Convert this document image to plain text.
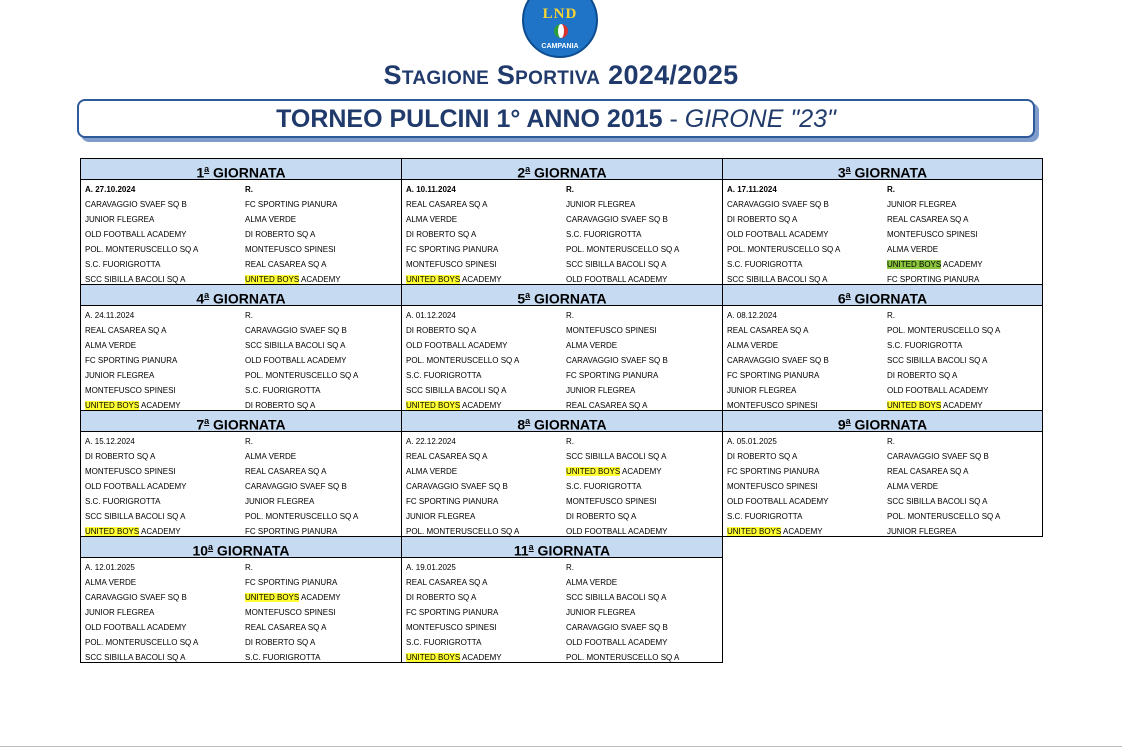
LND
CAMPANIA
Stagione Sportiva 2024/2025
TORNEO PULCINI 1° ANNO 2015 - GIRONE "23"
1$^a$ GIORNATA
A. 27.10.2024	R.
CARAVAGGIO SVAEF SQ B	FC SPORTING PIANURA
JUNIOR FLEGREA	ALMA VERDE
OLD FOOTBALL ACADEMY	DI ROBERTO SQ A
POL. MONTERUSCELLO SQ A	MONTEFUSCO SPINESI
S.C. FUORIGROTTA	REAL CASAREA SQ A
SCC SIBILLA BACOLI SQ A	UNITED BOYS ACADEMY
2$^a$ GIORNATA
A. 10.11.2024	R.
REAL CASAREA SQ A	JUNIOR FLEGREA
ALMA VERDE	CARAVAGGIO SVAEF SQ B
DI ROBERTO SQ A	S.C. FUORIGROTTA
FC SPORTING PIANURA	POL. MONTERUSCELLO SQ A
MONTEFUSCO SPINESI	SCC SIBILLA BACOLI SQ A
UNITED BOYS ACADEMY	OLD FOOTBALL ACADEMY
3$^a$ GIORNATA
A. 17.11.2024	R.
CARAVAGGIO SVAEF SQ B	JUNIOR FLEGREA
DI ROBERTO SQ A	REAL CASAREA SQ A
OLD FOOTBALL ACADEMY	MONTEFUSCO SPINESI
POL. MONTERUSCELLO SQ A	ALMA VERDE
S.C. FUORIGROTTA	UNITED BOYS ACADEMY
SCC SIBILLA BACOLI SQ A	FC SPORTING PIANURA
4$^a$ GIORNATA
A. 24.11.2024	R.
REAL CASAREA SQ A	CARAVAGGIO SVAEF SQ B
ALMA VERDE	SCC SIBILLA BACOLI SQ A
FC SPORTING PIANURA	OLD FOOTBALL ACADEMY
JUNIOR FLEGREA	POL. MONTERUSCELLO SQ A
MONTEFUSCO SPINESI	S.C. FUORIGROTTA
UNITED BOYS ACADEMY	DI ROBERTO SQ A
5$^a$ GIORNATA
A. 01.12.2024	R.
DI ROBERTO SQ A	MONTEFUSCO SPINESI
OLD FOOTBALL ACADEMY	ALMA VERDE
POL. MONTERUSCELLO SQ A	CARAVAGGIO SVAEF SQ B
S.C. FUORIGROTTA	FC SPORTING PIANURA
SCC SIBILLA BACOLI SQ A	JUNIOR FLEGREA
UNITED BOYS ACADEMY	REAL CASAREA SQ A
6$^a$ GIORNATA
A. 08.12.2024	R.
REAL CASAREA SQ A	POL. MONTERUSCELLO SQ A
ALMA VERDE	S.C. FUORIGROTTA
CARAVAGGIO SVAEF SQ B	SCC SIBILLA BACOLI SQ A
FC SPORTING PIANURA	DI ROBERTO SQ A
JUNIOR FLEGREA	OLD FOOTBALL ACADEMY
MONTEFUSCO SPINESI	UNITED BOYS ACADEMY
7$^a$ GIORNATA
A. 15.12.2024	R.
DI ROBERTO SQ A	ALMA VERDE
MONTEFUSCO SPINESI	REAL CASAREA SQ A
OLD FOOTBALL ACADEMY	CARAVAGGIO SVAEF SQ B
S.C. FUORIGROTTA	JUNIOR FLEGREA
SCC SIBILLA BACOLI SQ A	POL. MONTERUSCELLO SQ A
UNITED BOYS ACADEMY	FC SPORTING PIANURA
8$^a$ GIORNATA
A. 22.12.2024	R.
REAL CASAREA SQ A	SCC SIBILLA BACOLI SQ A
ALMA VERDE	UNITED BOYS ACADEMY
CARAVAGGIO SVAEF SQ B	S.C. FUORIGROTTA
FC SPORTING PIANURA	MONTEFUSCO SPINESI
JUNIOR FLEGREA	DI ROBERTO SQ A
POL. MONTERUSCELLO SQ A	OLD FOOTBALL ACADEMY
9$^a$ GIORNATA
A. 05.01.2025	R.
DI ROBERTO SQ A	CARAVAGGIO SVAEF SQ B
FC SPORTING PIANURA	REAL CASAREA SQ A
MONTEFUSCO SPINESI	ALMA VERDE
OLD FOOTBALL ACADEMY	SCC SIBILLA BACOLI SQ A
S.C. FUORIGROTTA	POL. MONTERUSCELLO SQ A
UNITED BOYS ACADEMY	JUNIOR FLEGREA
10$^a$ GIORNATA
A. 12.01.2025	R.
ALMA VERDE	FC SPORTING PIANURA
CARAVAGGIO SVAEF SQ B	UNITED BOYS ACADEMY
JUNIOR FLEGREA	MONTEFUSCO SPINESI
OLD FOOTBALL ACADEMY	REAL CASAREA SQ A
POL. MONTERUSCELLO SQ A	DI ROBERTO SQ A
SCC SIBILLA BACOLI SQ A	S.C. FUORIGROTTA
11$^a$ GIORNATA
A. 19.01.2025	R.
REAL CASAREA SQ A	ALMA VERDE
DI ROBERTO SQ A	SCC SIBILLA BACOLI SQ A
FC SPORTING PIANURA	JUNIOR FLEGREA
MONTEFUSCO SPINESI	CARAVAGGIO SVAEF SQ B
S.C. FUORIGROTTA	OLD FOOTBALL ACADEMY
UNITED BOYS ACADEMY	POL. MONTERUSCELLO SQ A
